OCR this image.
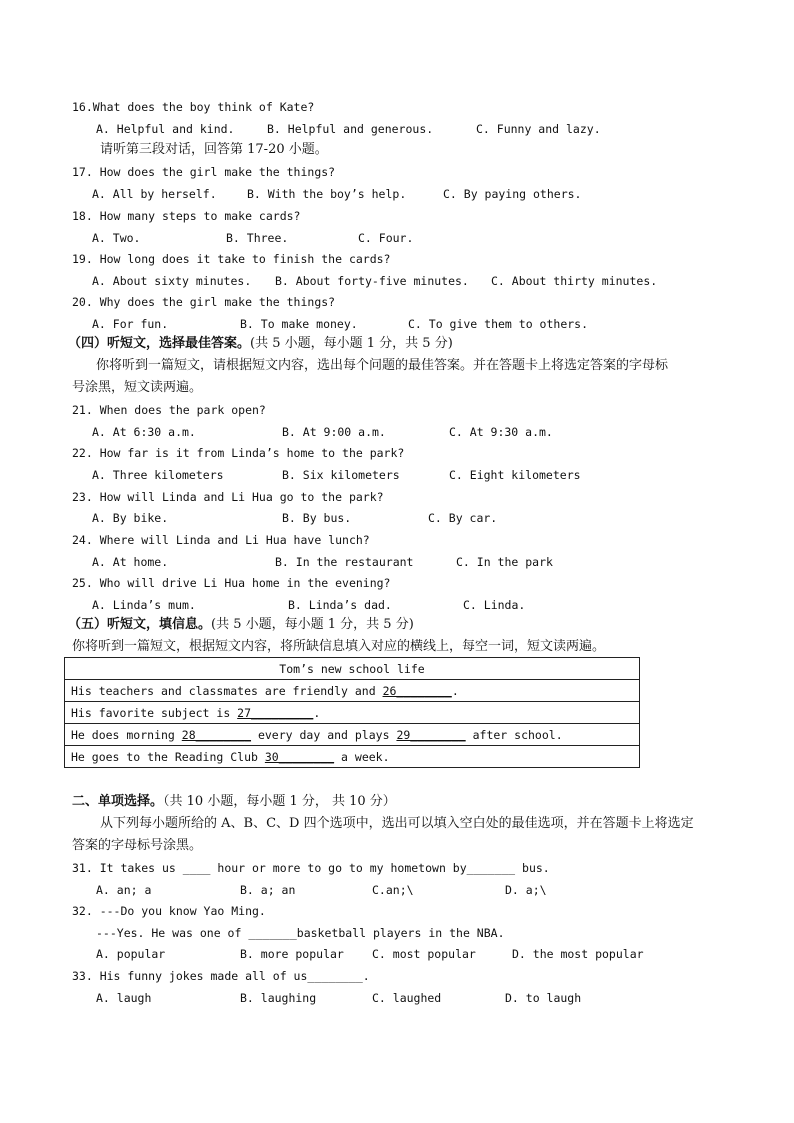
16.What does the boy think of Kate?
A. Helpful and kind.	B. Helpful and generous.	C. Funny and lazy.
请听第三段对话，回答第 17-20 小题。
17. How does the girl make the things?
A. All by herself.	B. With the boy’s help.	C. By paying others.
18. How many steps to make cards?
A. Two.	B. Three.	C. Four.
19. How long does it take to finish the cards?
A. About sixty minutes. B. About forty-five minutes. C. About thirty minutes.
20. Why does the girl make the things?
A. For fun.	B. To make money.	C. To give them to others.
（四）听短文，选择最佳答案。(共 5 小题，每小题 1 分，共 5 分)
你将听到一篇短文，请根据短文内容，选出每个问题的最佳答案。并在答题卡上将选定答案的字母标
号涂黑，短文读两遍。
21. When does the park open?
A. At 6:30 a.m.	B. At 9:00 a.m.	C. At 9:30 a.m.
22. How far is it from Linda’s home to the park?
A. Three kilometers	B. Six kilometers	C. Eight kilometers
23. How will Linda and Li Hua go to the park?
A. By bike.	B. By bus.	C. By car.
24. Where will Linda and Li Hua have lunch?
A. At home.	B. In the restaurant	C. In the park
25. Who will drive Li Hua home in the evening?
A. Linda’s mum.	B. Linda’s dad.	C. Linda.
（五）听短文，填信息。(共 5 小题，每小题 1 分，共 5 分)
你将听到一篇短文，根据短文内容，将所缺信息填入对应的横线上，每空一词，短文读两遍。
Tom’s new school life
His teachers and classmates are friendly and 26________.
His favorite subject is 27_________.
He does morning 28________ every day and plays 29________ after school.
He goes to the Reading Club 30________ a week.
二、单项选择。（共 10 小题，每小题 1 分， 共 10 分）
从下列每小题所给的 A、B、C、D 四个选项中，选出可以填入空白处的最佳选项，并在答题卡上将选定
答案的字母标号涂黑。
31. It takes us ____ hour or more to go to my hometown by_______ bus.
A. an; a	B. a; an	C.an;\	D. a;\
32. ---Do you know Yao Ming.
---Yes. He was one of _______basketball players in the NBA.
A. popular	B. more popular C. most popular	D. the most popular
33. His funny jokes made all of us________.
A. laugh	B. laughing	C. laughed	D. to laugh
